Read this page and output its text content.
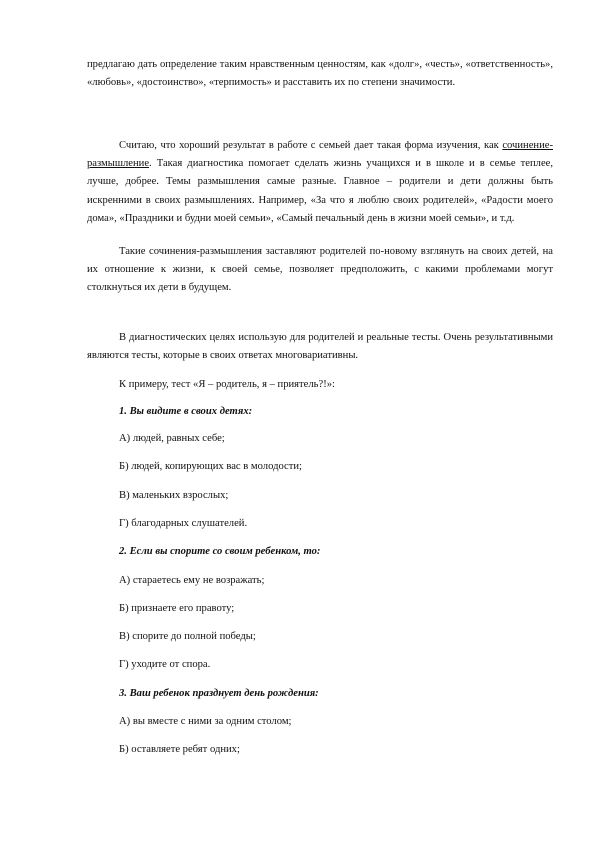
предлагаю дать определение таким нравственным ценностям, как «долг», «честь», «ответственность», «любовь», «достоинство», «терпимость» и расставить их по степени значимости.

Считаю, что хороший результат в работе с семьей дает такая форма изучения, как сочинение-размышление. Такая диагностика помогает сделать жизнь учащихся и в школе и в семье теплее, лучше, добрее. Темы размышления самые разные. Главное – родители и дети должны быть искренними в своих размышлениях. Например, «За что я люблю своих родителей», «Радости моего дома», «Праздники и будни моей семьи», «Самый печальный день в жизни моей семьи», и т.д.

Такие сочинения-размышления заставляют родителей по-новому взглянуть на своих детей, на их отношение к жизни, к своей семье, позволяет предположить, с какими проблемами могут столкнуться их дети в будущем.

В диагностических целях использую для родителей и реальные тесты. Очень результативными являются тесты, которые в своих ответах многовариативны.

К примеру, тест «Я – родитель, я – приятель?!»:

1. Вы видите в своих детях:

А) людей, равных себе;

Б) людей, копирующих вас в молодости;

В) маленьких взрослых;

Г) благодарных слушателей.

2. Если вы спорите со своим ребенком, то:

А) стараетесь ему не возражать;

Б) признаете его правоту;

В) спорите до полной победы;

Г) уходите от спора.

3. Ваш ребенок празднует день рождения:

А) вы вместе с ними за одним столом;

Б) оставляете ребят одних;
